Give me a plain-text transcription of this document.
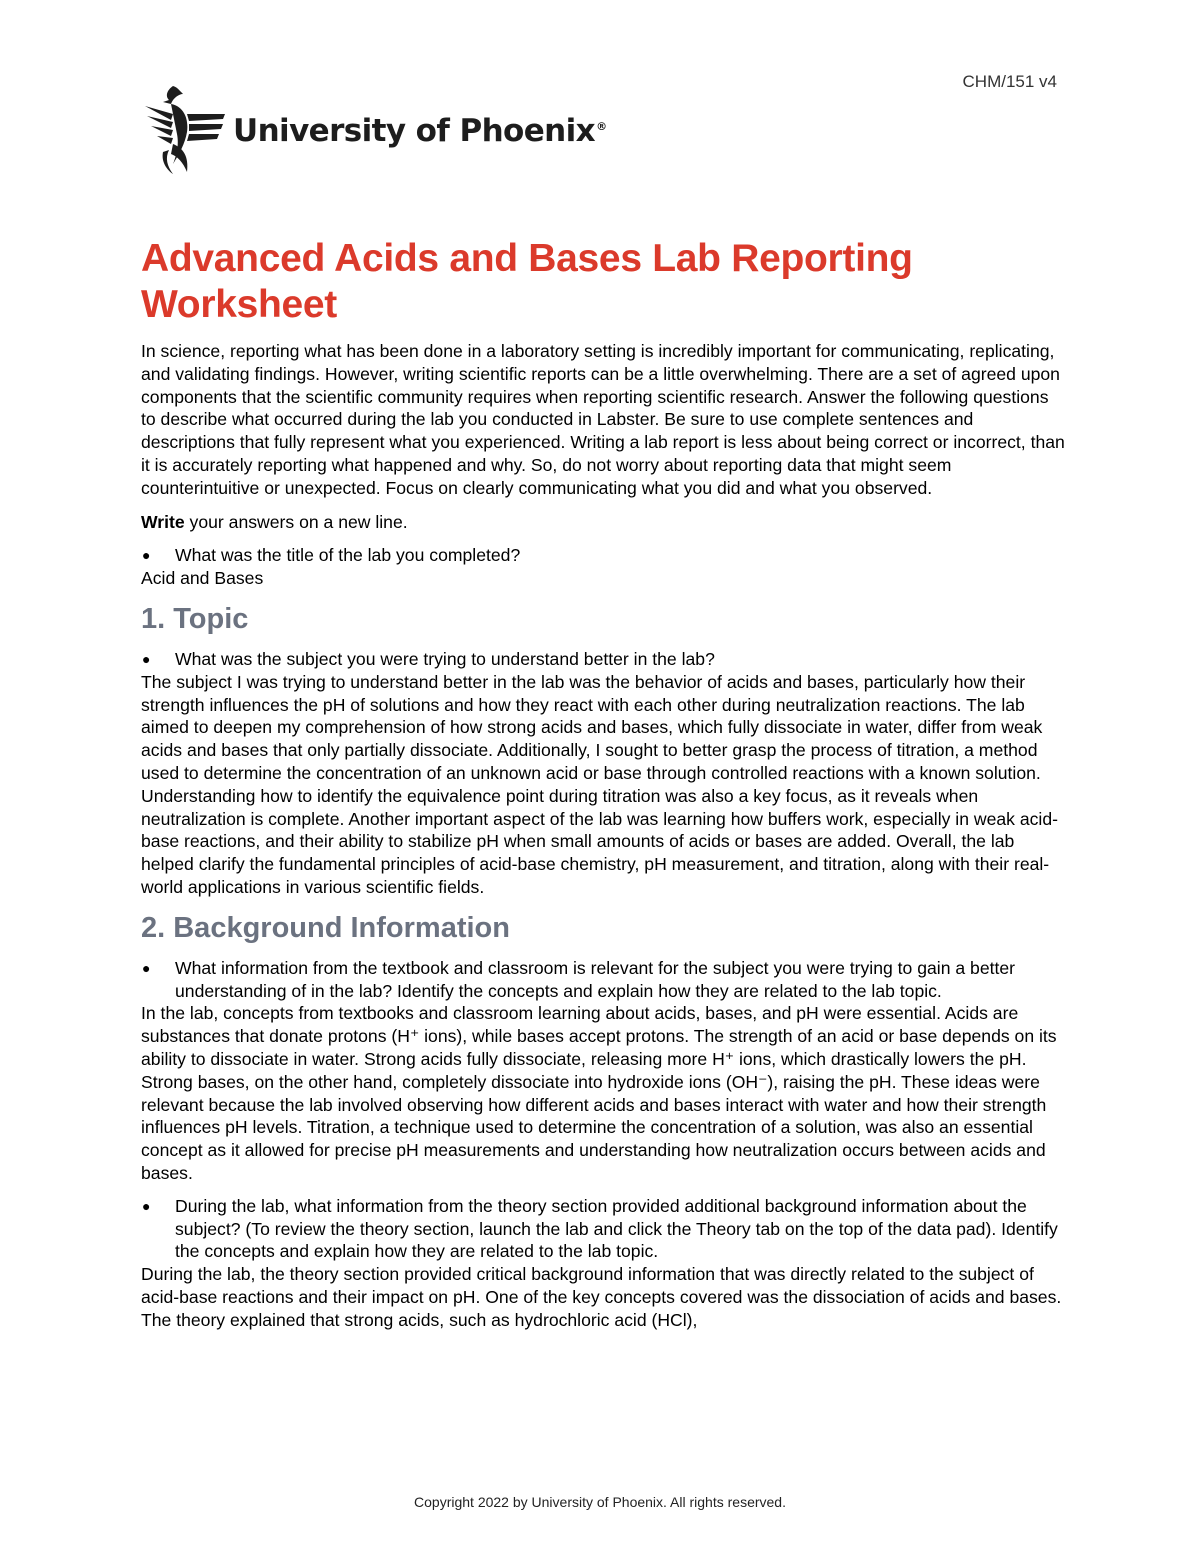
CHM/151 v4
University of Phoenix®
Advanced Acids and Bases Lab Reporting Worksheet

In science, reporting what has been done in a laboratory setting is incredibly important for communicating, replicating, and validating findings. However, writing scientific reports can be a little overwhelming. There are a set of agreed upon components that the scientific community requires when reporting scientific research. Answer the following questions to describe what occurred during the lab you conducted in Labster. Be sure to use complete sentences and descriptions that fully represent what you experienced. Writing a lab report is less about being correct or incorrect, than it is accurately reporting what happened and why. So, do not worry about reporting data that might seem counterintuitive or unexpected. Focus on clearly communicating what you did and what you observed.

Write your answers on a new line.

● What was the title of the lab you completed?

Acid and Bases

1. Topic

● What was the subject you were trying to understand better in the lab?

The subject I was trying to understand better in the lab was the behavior of acids and bases, particularly how their strength influences the pH of solutions and how they react with each other during neutralization reactions. The lab aimed to deepen my comprehension of how strong acids and bases, which fully dissociate in water, differ from weak acids and bases that only partially dissociate. Additionally, I sought to better grasp the process of titration, a method used to determine the concentration of an unknown acid or base through controlled reactions with a known solution. Understanding how to identify the equivalence point during titration was also a key focus, as it reveals when neutralization is complete. Another important aspect of the lab was learning how buffers work, especially in weak acid-base reactions, and their ability to stabilize pH when small amounts of acids or bases are added. Overall, the lab helped clarify the fundamental principles of acid-base chemistry, pH measurement, and titration, along with their real-world applications in various scientific fields.

2. Background Information

● What information from the textbook and classroom is relevant for the subject you were trying to gain a better understanding of in the lab? Identify the concepts and explain how they are related to the lab topic.

In the lab, concepts from textbooks and classroom learning about acids, bases, and pH were essential. Acids are substances that donate protons (H⁺ ions), while bases accept protons. The strength of an acid or base depends on its ability to dissociate in water. Strong acids fully dissociate, releasing more H⁺ ions, which drastically lowers the pH. Strong bases, on the other hand, completely dissociate into hydroxide ions (OH⁻), raising the pH. These ideas were relevant because the lab involved observing how different acids and bases interact with water and how their strength influences pH levels. Titration, a technique used to determine the concentration of a solution, was also an essential concept as it allowed for precise pH measurements and understanding how neutralization occurs between acids and bases.

● During the lab, what information from the theory section provided additional background information about the subject? (To review the theory section, launch the lab and click the Theory tab on the top of the data pad). Identify the concepts and explain how they are related to the lab topic.

During the lab, the theory section provided critical background information that was directly related to the subject of acid-base reactions and their impact on pH. One of the key concepts covered was the dissociation of acids and bases. The theory explained that strong acids, such as hydrochloric acid (HCl),

Copyright 2022 by University of Phoenix. All rights reserved.
